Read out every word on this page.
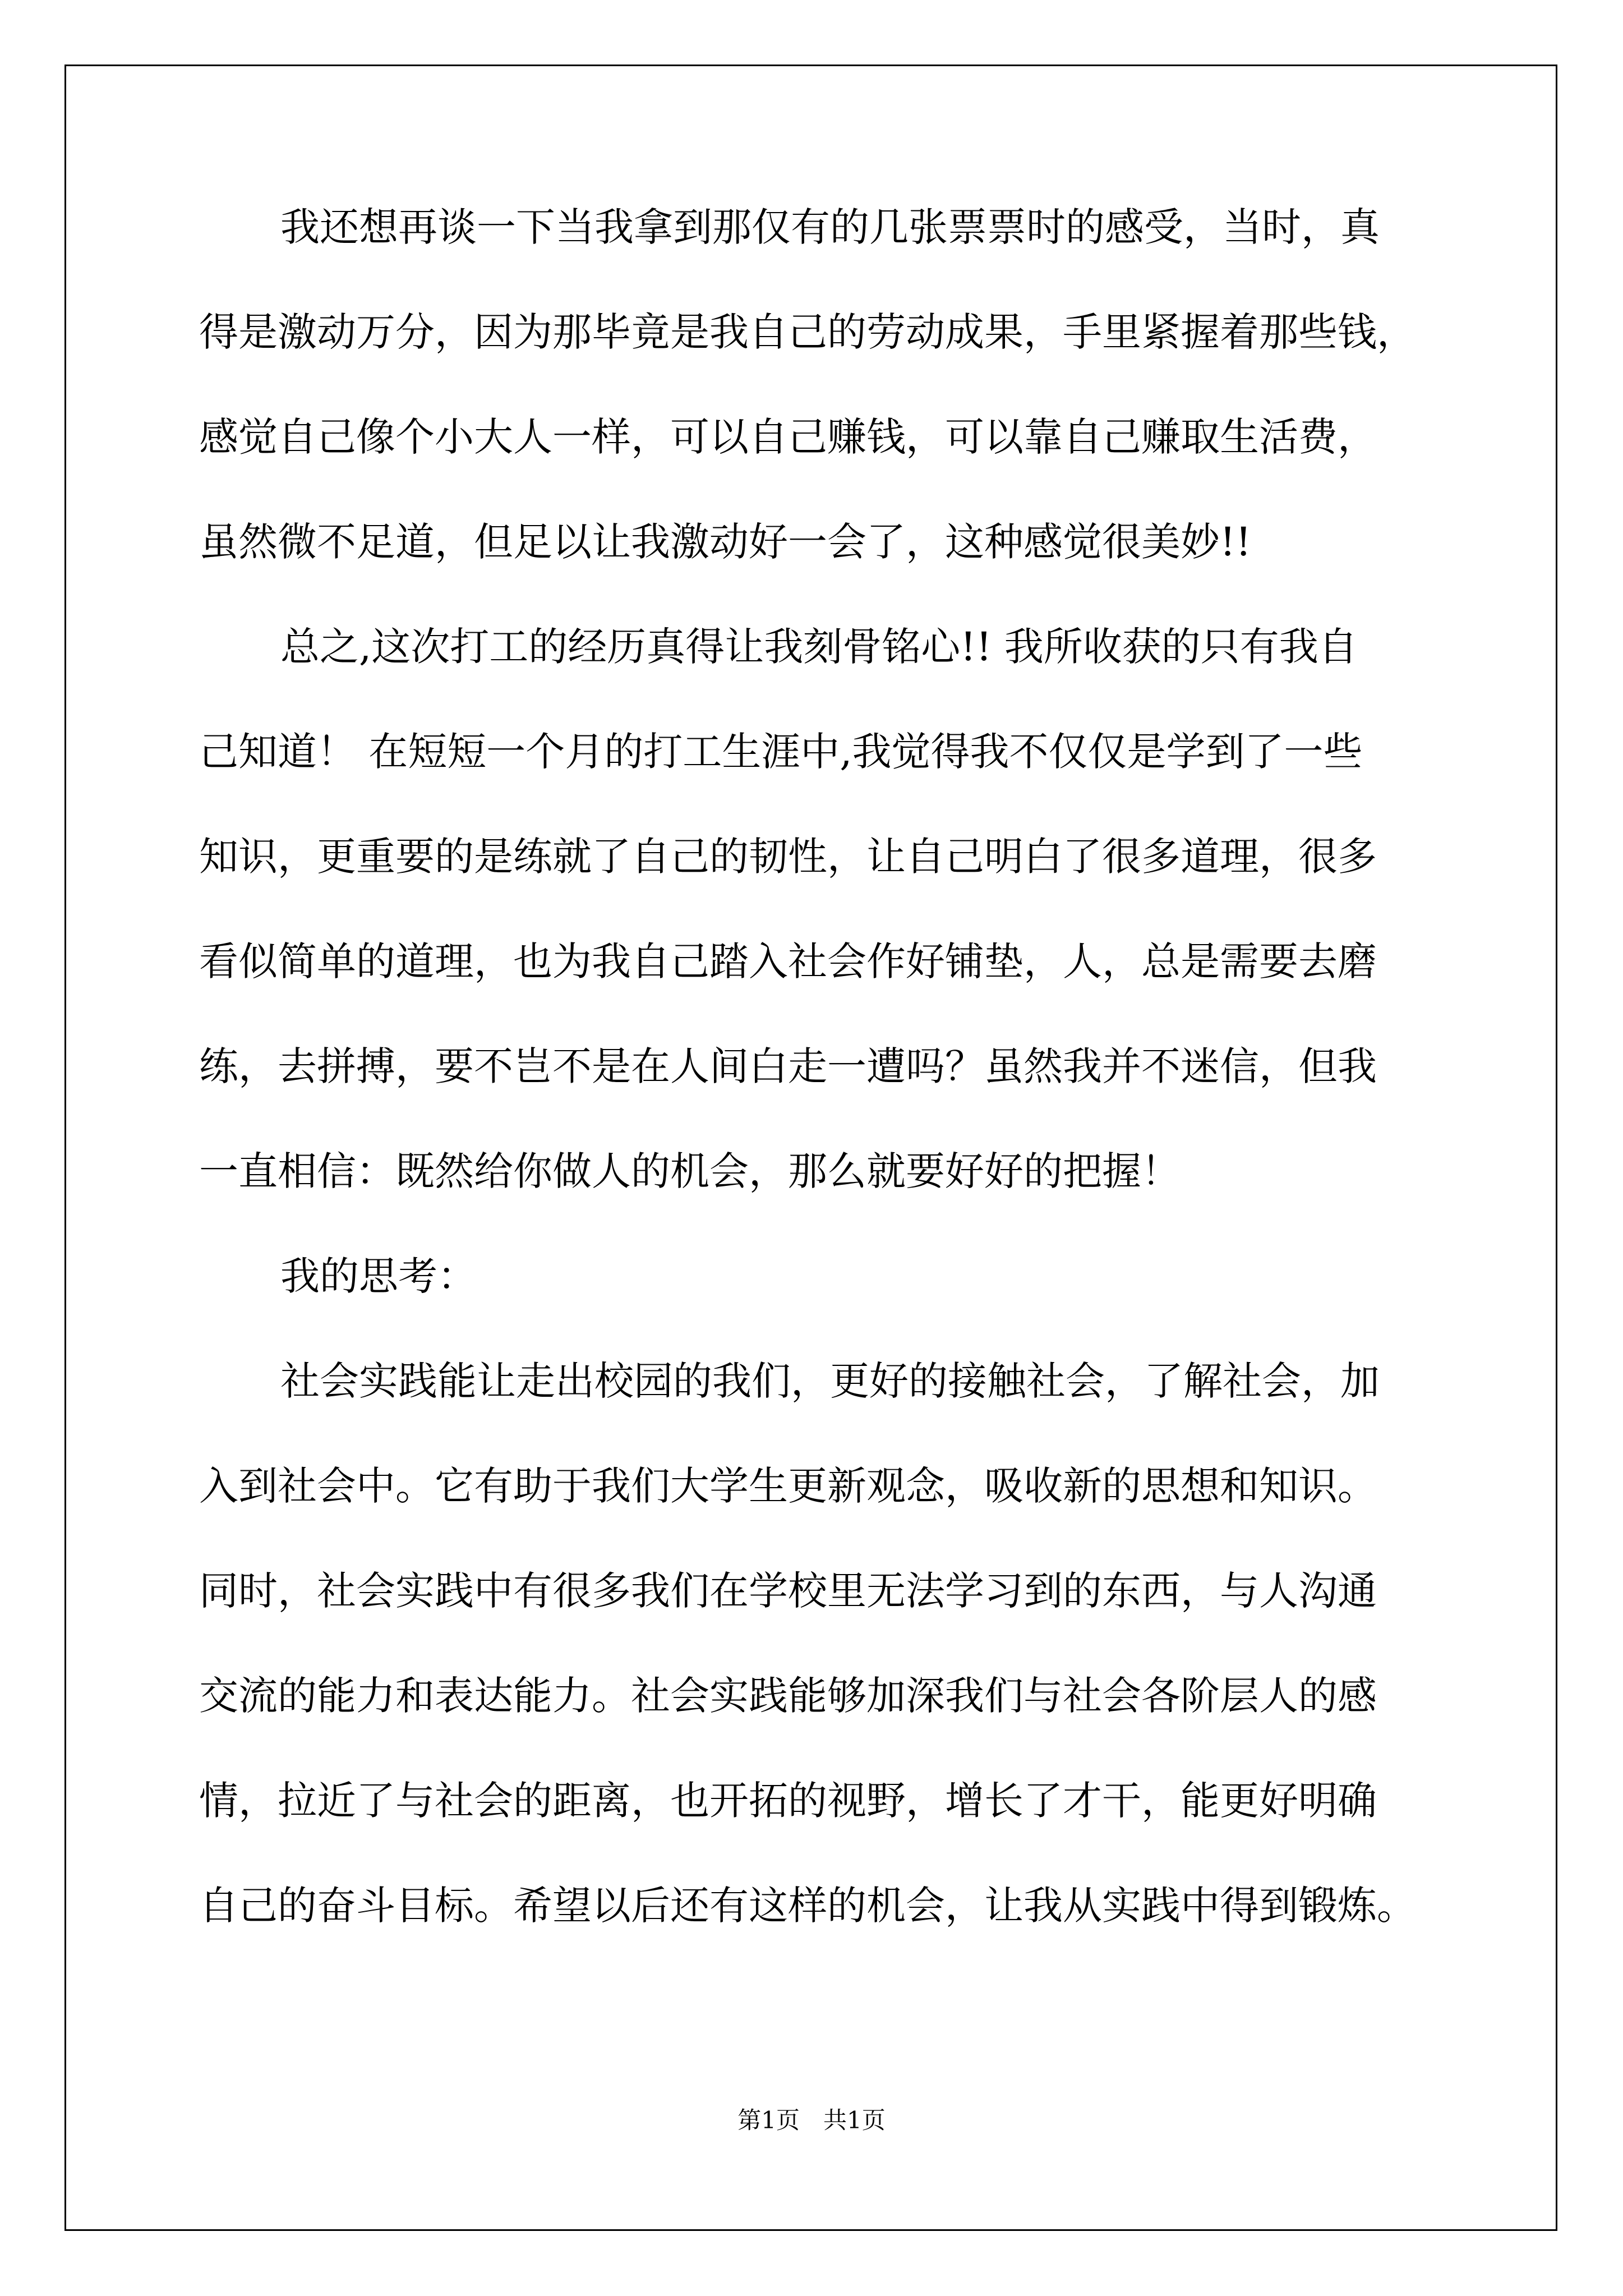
我还想再谈一下当我拿到那仅有的几张票票时的感受，当时，真
得是激动万分，因为那毕竟是我自己的劳动成果，手里紧握着那些钱，
感觉自己像个小大人一样，可以自己赚钱，可以靠自己赚取生活费，
虽然微不足道，但足以让我激动好一会了，这种感觉很美妙!!
总之,这次打工的经历真得让我刻骨铭心!! 我所收获的只有我自
己知道！ 在短短一个月的打工生涯中,我觉得我不仅仅是学到了一些
知识，更重要的是练就了自己的韧性，让自己明白了很多道理，很多
看似简单的道理，也为我自己踏入社会作好铺垫，人，总是需要去磨
练，去拼搏，要不岂不是在人间白走一遭吗？虽然我并不迷信，但我
一直相信：既然给你做人的机会，那么就要好好的把握！
我的思考：
社会实践能让走出校园的我们，更好的接触社会，了解社会，加
入到社会中。它有助于我们大学生更新观念，吸收新的思想和知识。
同时，社会实践中有很多我们在学校里无法学习到的东西，与人沟通
交流的能力和表达能力。社会实践能够加深我们与社会各阶层人的感
情，拉近了与社会的距离，也开拓的视野，增长了才干，能更好明确
自己的奋斗目标。希望以后还有这样的机会，让我从实践中得到锻炼。
第1页　共1页
